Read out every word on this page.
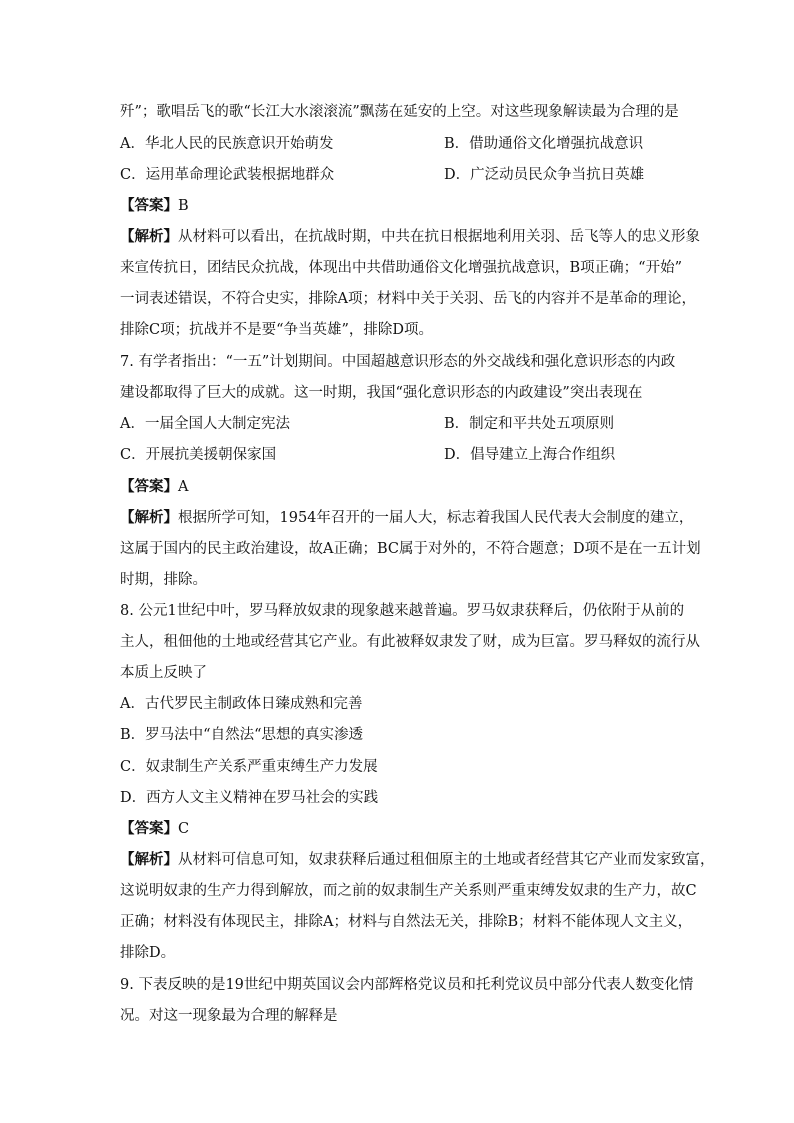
歼”；歌唱岳飞的歌“长江大水滚滚流”飘荡在延安的上空。对这些现象解读最为合理的是
A．华北人民的民族意识开始萌发	B．借助通俗文化增强抗战意识
C．运用革命理论武装根据地群众	D．广泛动员民众争当抗日英雄
【答案】B
【解析】从材料可以看出，在抗战时期，中共在抗日根据地利用关羽、岳飞等人的忠义形象
来宣传抗日，团结民众抗战，体现出中共借助通俗文化增强抗战意识，B项正确；“开始”
一词表述错误，不符合史实，排除A项；材料中关于关羽、岳飞的内容并不是革命的理论，
排除C项；抗战并不是要“争当英雄”，排除D项。
7. 有学者指出：“一五”计划期间。中国超越意识形态的外交战线和强化意识形态的内政
建设都取得了巨大的成就。这一时期，我国“强化意识形态的内政建设”突出表现在
A．一届全国人大制定宪法	B．制定和平共处五项原则
C．开展抗美援朝保家国	D．倡导建立上海合作组织
【答案】A
【解析】根据所学可知，1954年召开的一届人大，标志着我国人民代表大会制度的建立，
这属于国内的民主政治建设，故A正确；BC属于对外的，不符合题意；D项不是在一五计划
时期，排除。
8. 公元1世纪中叶，罗马释放奴隶的现象越来越普遍。罗马奴隶获释后，仍依附于从前的
主人，租佃他的土地或经营其它产业。有此被释奴隶发了财，成为巨富。罗马释奴的流行从
本质上反映了
A．古代罗民主制政体日臻成熟和完善
B．罗马法中“自然法“思想的真实渗透
C．奴隶制生产关系严重束缚生产力发展
D．西方人文主义精神在罗马社会的实践
【答案】C
【解析】从材料可信息可知，奴隶获释后通过租佃原主的土地或者经营其它产业而发家致富，
这说明奴隶的生产力得到解放，而之前的奴隶制生产关系则严重束缚发奴隶的生产力，故C
正确；材料没有体现民主，排除A；材料与自然法无关，排除B；材料不能体现人文主义，
排除D。
9. 下表反映的是19世纪中期英国议会内部辉格党议员和托利党议员中部分代表人数变化情
况。对这一现象最为合理的解释是
